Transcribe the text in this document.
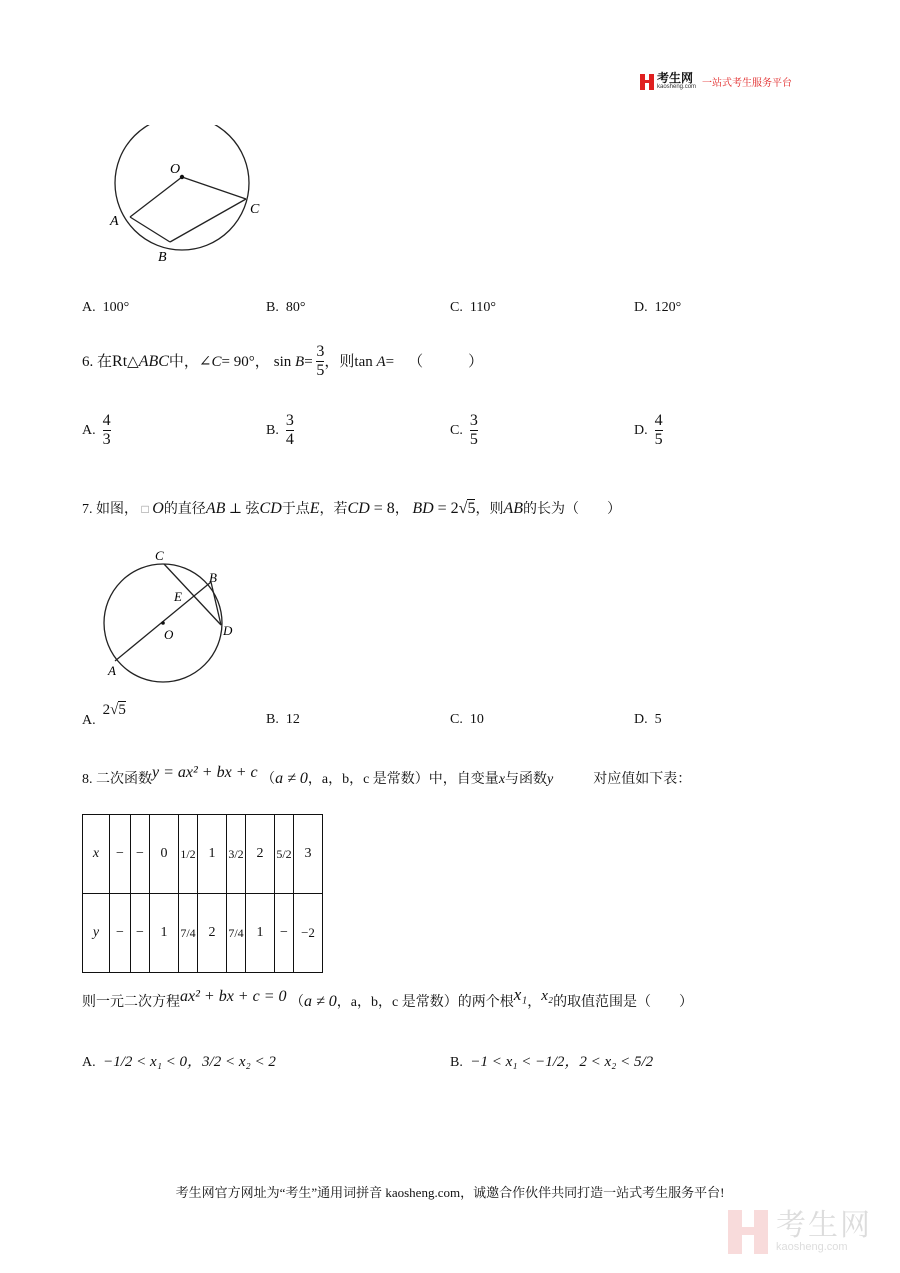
考生网
kaosheng.com 一站式考生服务平台
O
A
B
C
A. 100°	B. 80°	C. 110°	D. 120°
6.
在 Rt △ ABC 中， ∠ C = 90° ， sin
B =
$\frac{3}{5}$ ，则 tan
A = （　　　）
A.
$\frac{4}{3}$	B.
$\frac{3}{4}$	C.
$\frac{3}{5}$	D.
$\frac{4}{5}$
7. 如图， □ O的直径AB ⊥ 弦CD于点E，若CD = 8， BD = 2√5，则AB的长为（　　）
C
B
E
O	D
A
A.  2√5
B. 12	C. 10	D. 5
8. 二次函数y = ax² + bx + c （a ≠ 0，a，b，c 是常数）中，自变量x与函数y	对应值如下表：
x	−	−	0	1/2	1	3/2	2	5/2	3
y	−	−	1	7/4	2	7/4	1	−	−2
则一元二次方程ax² + bx + c = 0 （a ≠ 0，a，b，c 是常数）的两个根x₁，x₂的取值范围是（　　）
A. −1/2 < x₁ < 0，3/2 < x₂ < 2	B. −1 < x₁ < −1/2，2 < x₂ < 5/2
考生网官方网址为“考生”通用词拼音 kaosheng.com，诚邀合作伙伴共同打造一站式考生服务平台!
考生网
kaosheng.com
